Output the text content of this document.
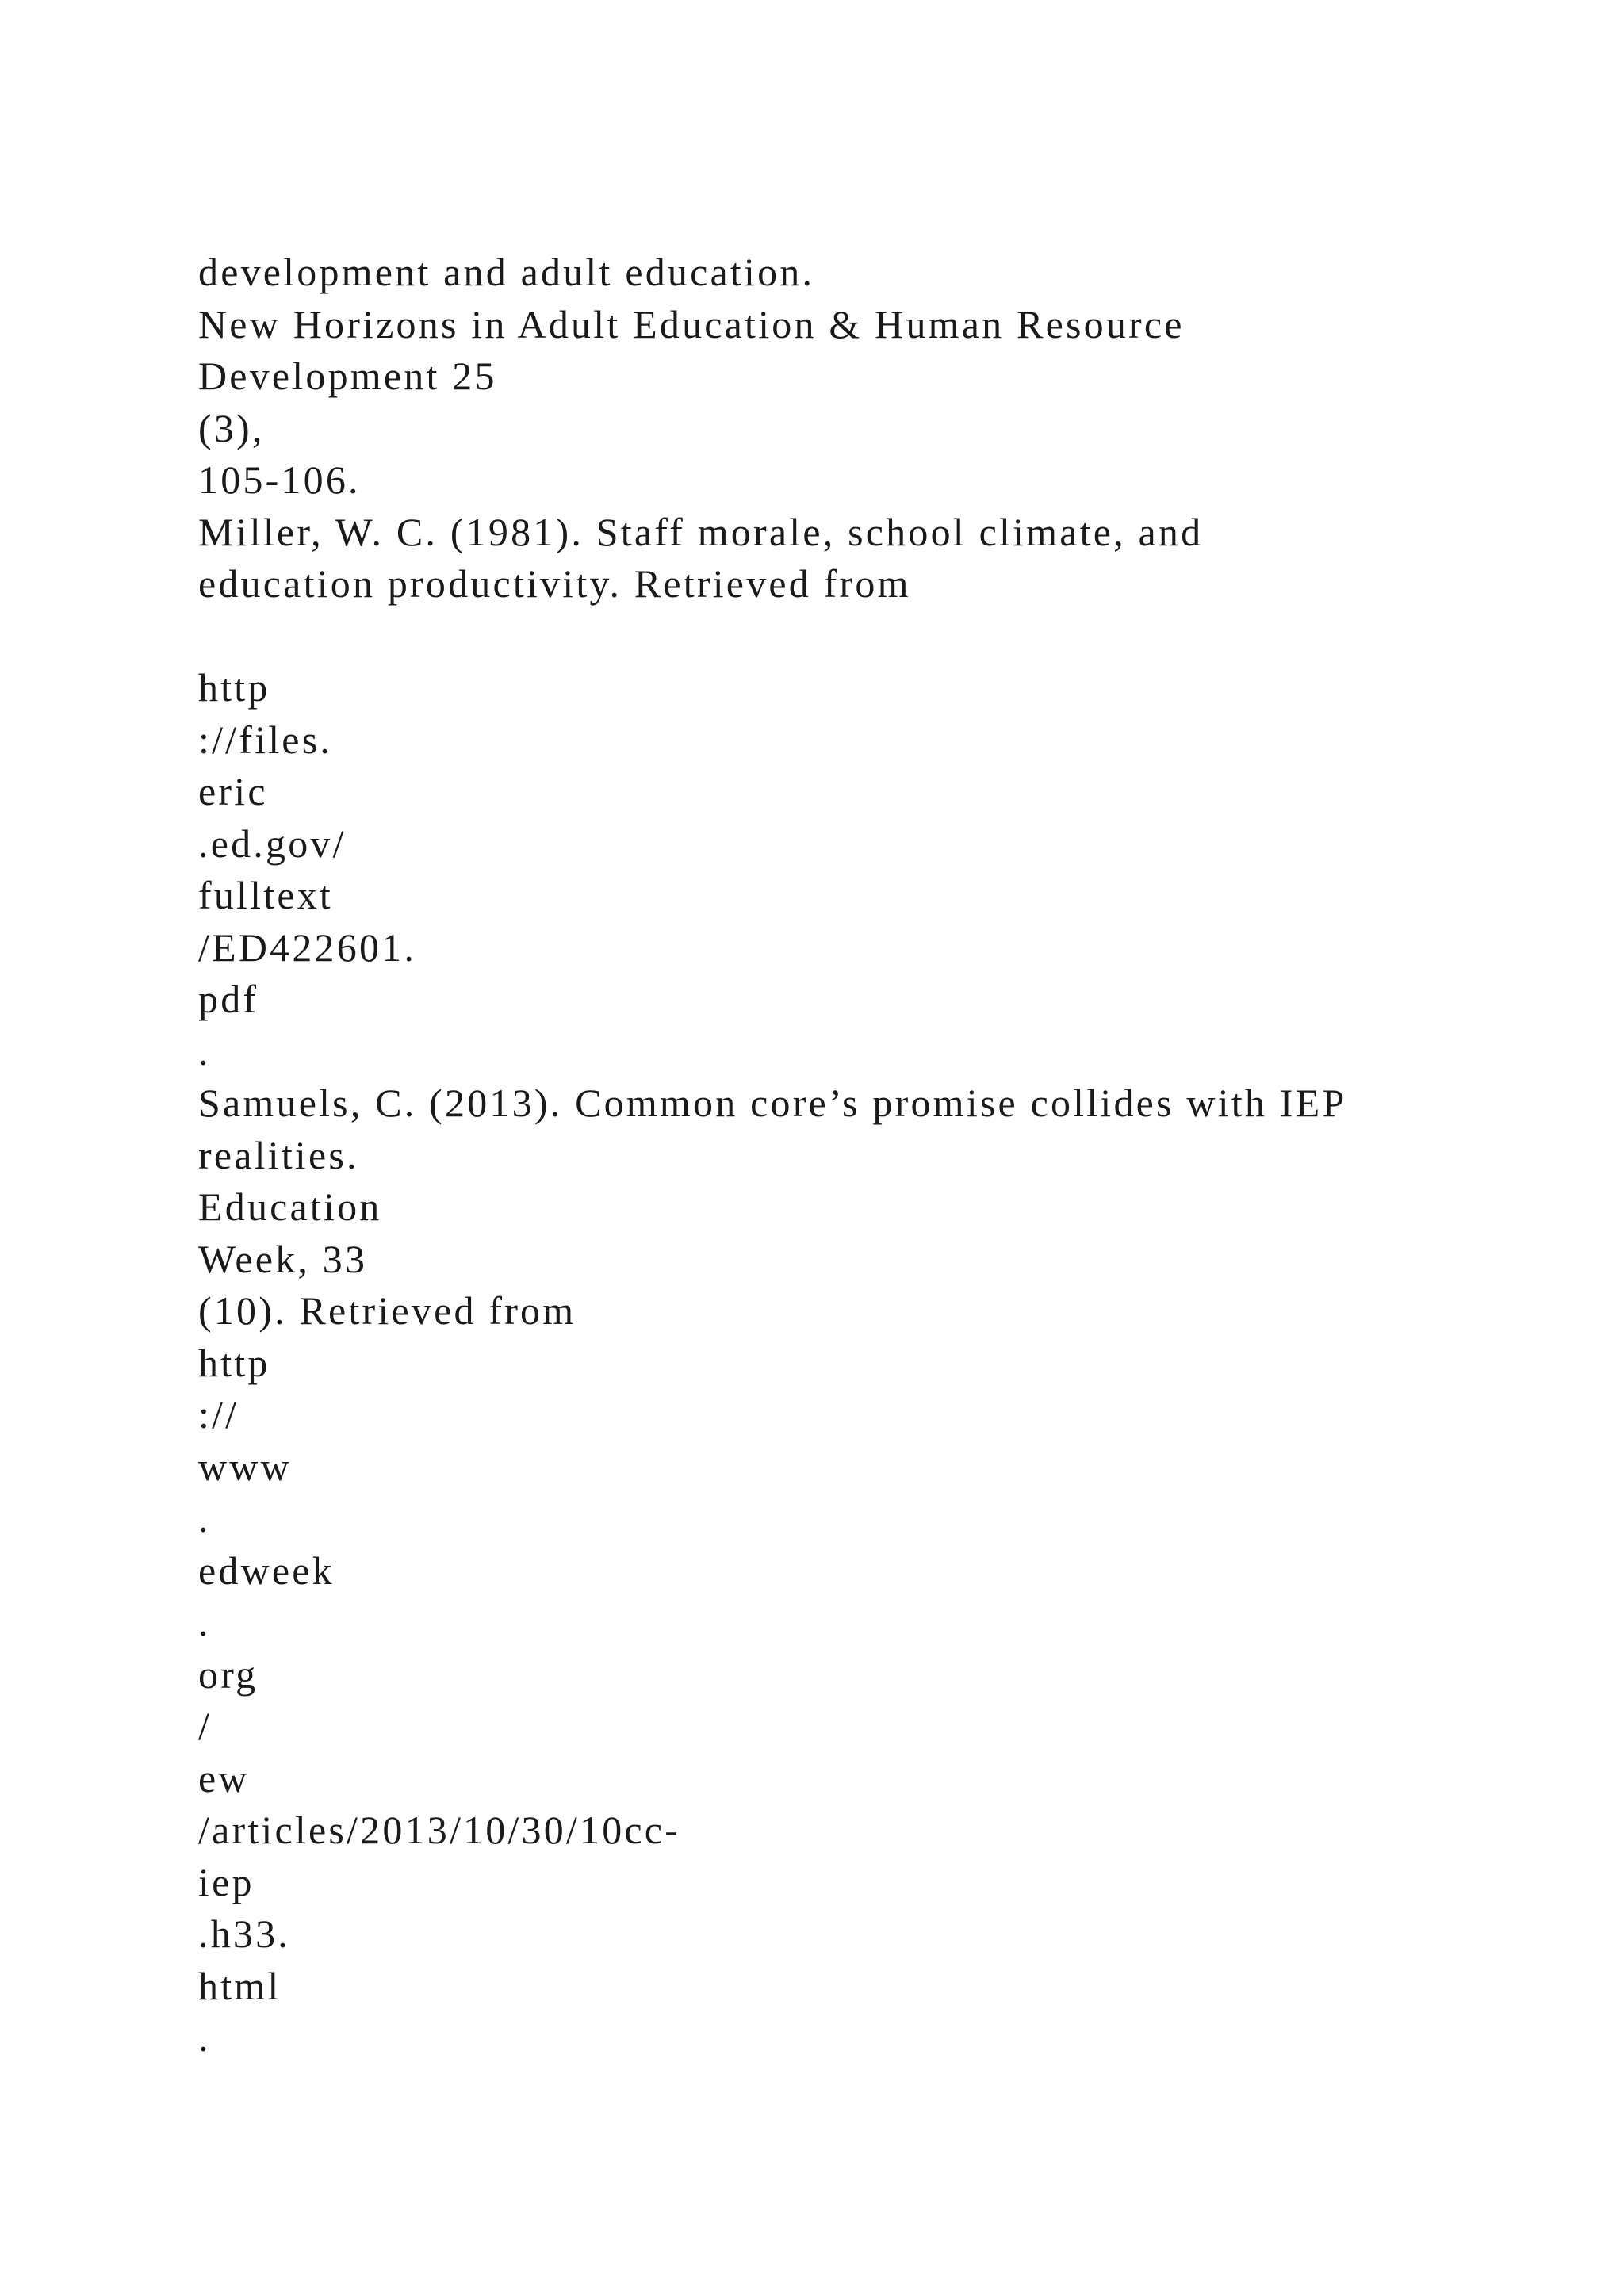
development and adult education.
New Horizons in Adult Education & Human Resource
Development 25
(3),
105-106.
Miller, W. C. (1981). Staff morale, school climate, and
education productivity. Retrieved from
http
://files.
eric
.ed.gov/
fulltext
/ED422601.
pdf
.
Samuels, C. (2013). Common core’s promise collides with IEP
realities.
Education
Week, 33
(10). Retrieved from
http
://
www
.
edweek
.
org
/
ew
/articles/2013/10/30/10cc-
iep
.h33.
html
.
